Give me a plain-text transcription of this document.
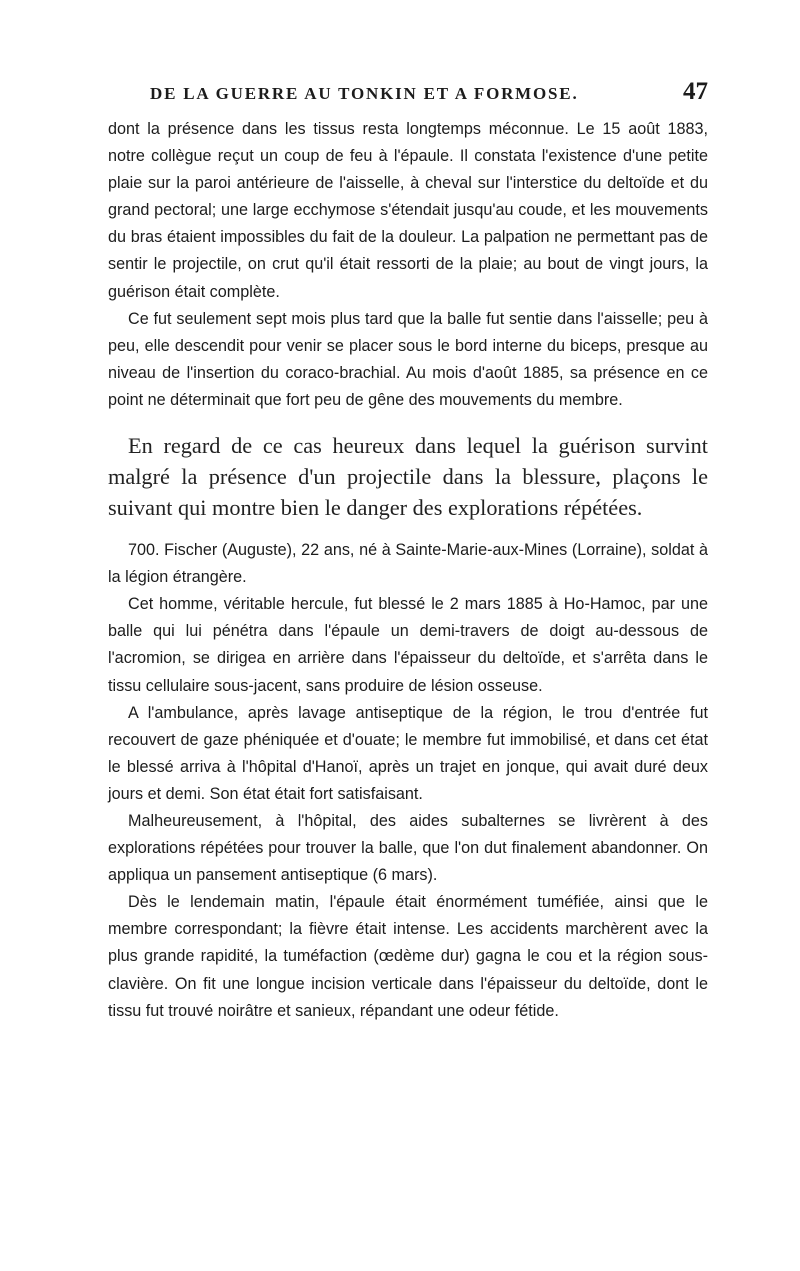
DE LA GUERRE AU TONKIN ET A FORMOSE.	47

dont la présence dans les tissus resta longtemps méconnue. Le 15 août 1883, notre collègue reçut un coup de feu à l'épaule. Il constata l'existence d'une petite plaie sur la paroi antérieure de l'aisselle, à cheval sur l'interstice du deltoïde et du grand pectoral; une large ecchymose s'étendait jusqu'au coude, et les mouvements du bras étaient impossibles du fait de la douleur. La palpation ne permettant pas de sentir le projectile, on crut qu'il était ressorti de la plaie; au bout de vingt jours, la guérison était complète.

Ce fut seulement sept mois plus tard que la balle fut sentie dans l'aisselle; peu à peu, elle descendit pour venir se placer sous le bord interne du biceps, presque au niveau de l'insertion du coraco-brachial. Au mois d'août 1885, sa présence en ce point ne déterminait que fort peu de gêne des mouvements du membre.

En regard de ce cas heureux dans lequel la guérison survint malgré la présence d'un projectile dans la blessure, plaçons le suivant qui montre bien le danger des explorations répétées.

700. Fischer (Auguste), 22 ans, né à Sainte-Marie-aux-Mines (Lorraine), soldat à la légion étrangère.

Cet homme, véritable hercule, fut blessé le 2 mars 1885 à Ho-Hamoc, par une balle qui lui pénétra dans l'épaule un demi-travers de doigt au-dessous de l'acromion, se dirigea en arrière dans l'épaisseur du deltoïde, et s'arrêta dans le tissu cellulaire sous-jacent, sans produire de lésion osseuse.

A l'ambulance, après lavage antiseptique de la région, le trou d'entrée fut recouvert de gaze phéniquée et d'ouate; le membre fut immobilisé, et dans cet état le blessé arriva à l'hôpital d'Hanoï, après un trajet en jonque, qui avait duré deux jours et demi. Son état était fort satisfaisant.

Malheureusement, à l'hôpital, des aides subalternes se livrèrent à des explorations répétées pour trouver la balle, que l'on dut finalement abandonner. On appliqua un pansement antiseptique (6 mars).

Dès le lendemain matin, l'épaule était énormément tuméfiée, ainsi que le membre correspondant; la fièvre était intense. Les accidents marchèrent avec la plus grande rapidité, la tuméfaction (œdème dur) gagna le cou et la région sous-clavière. On fit une longue incision verticale dans l'épaisseur du deltoïde, dont le tissu fut trouvé noirâtre et sanieux, répandant une odeur fétide.
